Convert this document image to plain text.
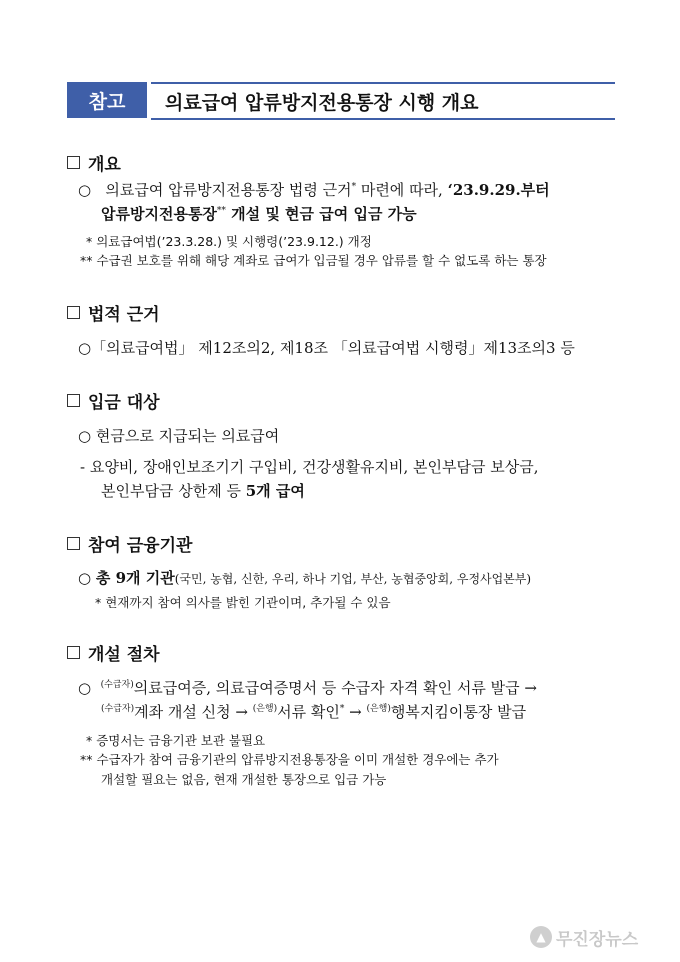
참고	의료급여 압류방지전용통장 시행 개요
개요
○ 의료급여 압류방지전용통장 법령 근거* 마련에 따라, ‘23.9.29.부터
압류방지전용통장** 개설 및 현금 급여 입금 가능
* 의료급여법(’23.3.28.) 및 시행령(’23.9.12.) 개정
** 수급권 보호를 위해 해당 계좌로 급여가 입금될 경우 압류를 할 수 없도록 하는 통장
법적 근거
○「의료급여법」 제12조의2, 제18조 「의료급여법 시행령」제13조의3 등
입금 대상
○ 현금으로 지급되는 의료급여
- 요양비, 장애인보조기기 구입비, 건강생활유지비, 본인부담금 보상금,
본인부담금 상한제 등 5개 급여
참여 금융기관
○ 총 9개 기관(국민, 농협, 신한, 우리, 하나 기업, 부산, 농협중앙회, 우정사업본부)
* 현재까지 참여 의사를 밝힌 기관이며, 추가될 수 있음
개설 절차
○ $^{(수급자)}$의료급여증, 의료급여증명서 등 수급자 자격 확인 서류 발급 →
$^{(수급자)}$계좌 개설 신청 → $^{(은행)}$서류 확인* → $^{(은행)}$행복지킴이통장 발급
* 증명서는 금융기관 보관 불필요
** 수급자가 참여 금융기관의 압류방지전용통장을 이미 개설한 경우에는 추가
개설할 필요는 없음, 현재 개설한 통장으로 입금 가능
▲ 무진장뉴스
